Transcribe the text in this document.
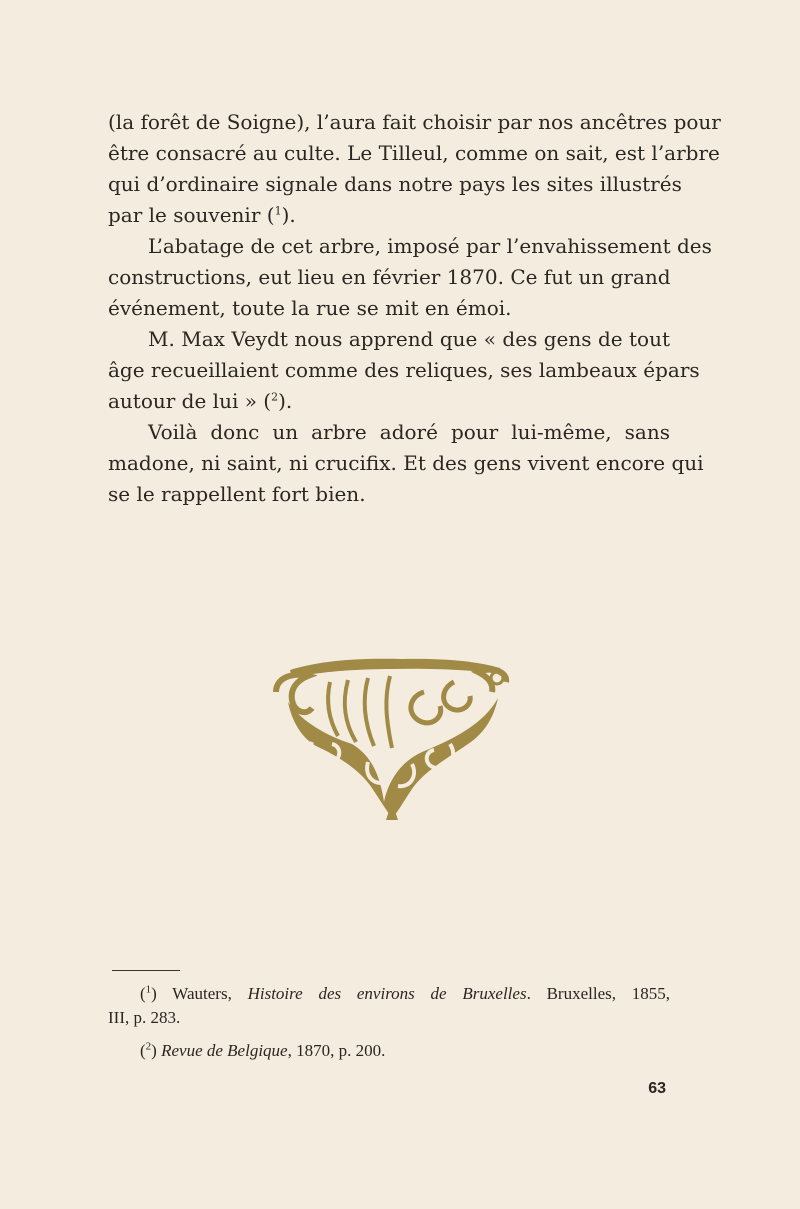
(la forêt de Soigne), l’aura fait choisir par nos ancêtres pour
être consacré au culte. Le Tilleul, comme on sait, est l’arbre
qui d’ordinaire signale dans notre pays les sites illustrés
par le souvenir ($^1$).
L’abatage de cet arbre, imposé par l’envahissement des
constructions, eut lieu en février 1870. Ce fut un grand
événement, toute la rue se mit en émoi.
M. Max Veydt nous apprend que « des gens de tout
âge recueillaient comme des reliques, ses lambeaux épars
autour de lui » ($^2$).
Voilà donc un arbre adoré pour lui-même, sans
madone, ni saint, ni crucifix. Et des gens vivent encore qui
se le rappellent fort bien.
($^1$) Wauters, Histoire des environs de Bruxelles. Bruxelles, 1855,
III, p. 283.
($^2$) Revue de Belgique, 1870, p. 200.
63
